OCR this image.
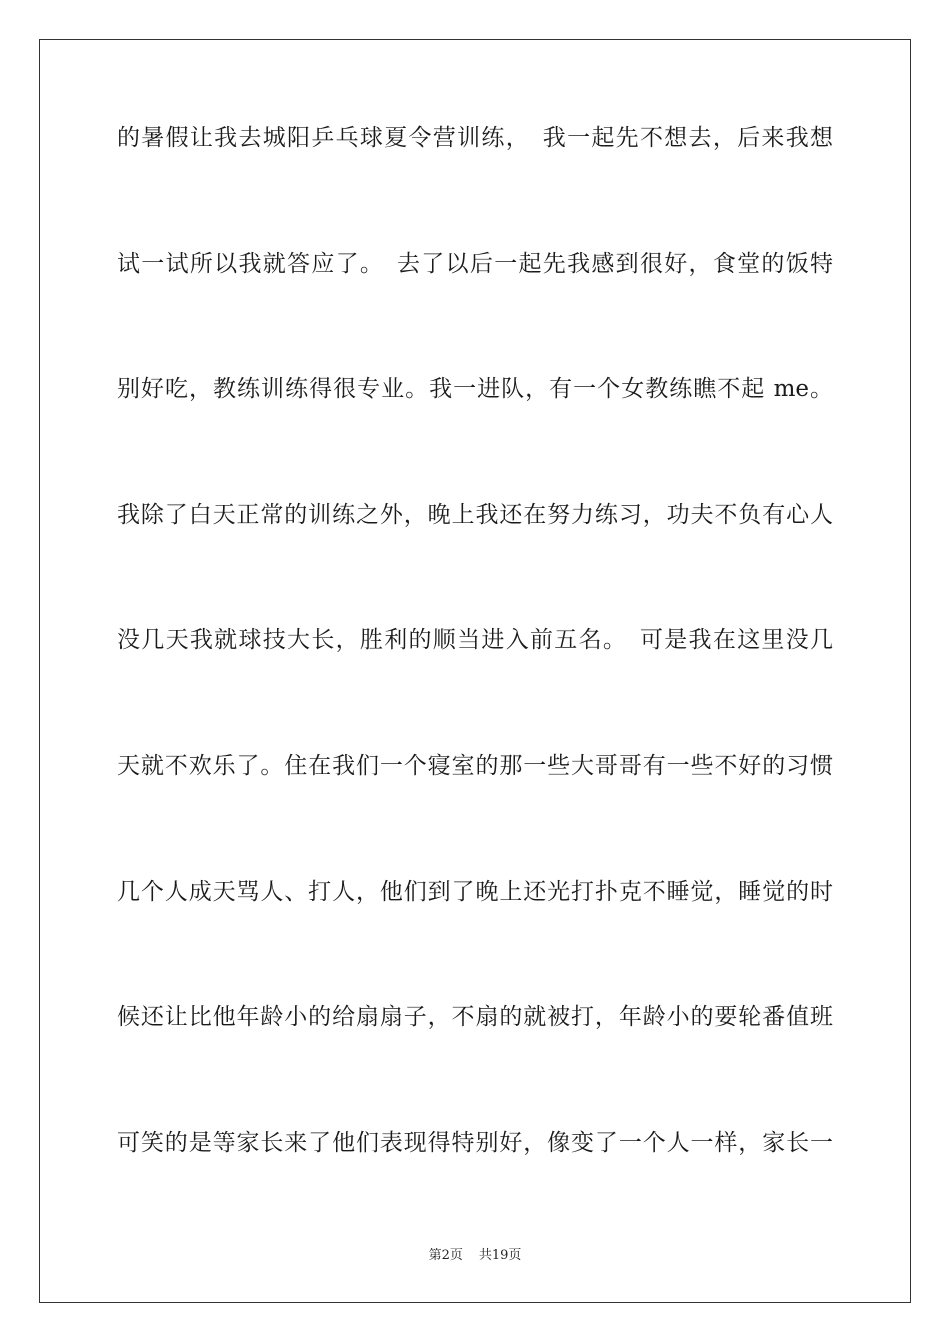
的暑假让我去城阳乒乓球夏令营训练，　我一起先不想去，后来我想
试一试所以我就答应了。　去了以后一起先我感到很好，食堂的饭特
别好吃，教练训练得很专业。我一进队，有一个女教练瞧不起 me。
我除了白天正常的训练之外，晚上我还在努力练习，功夫不负有心人
没几天我就球技大长，胜利的顺当进入前五名。　可是我在这里没几
天就不欢乐了。住在我们一个寝室的那一些大哥哥有一些不好的习惯
几个人成天骂人、打人，他们到了晚上还光打扑克不睡觉，睡觉的时
候还让比他年龄小的给扇扇子，不扇的就被打，年龄小的要轮番值班
可笑的是等家长来了他们表现得特别好，像变了一个人一样，家长一
第2页 共19页
